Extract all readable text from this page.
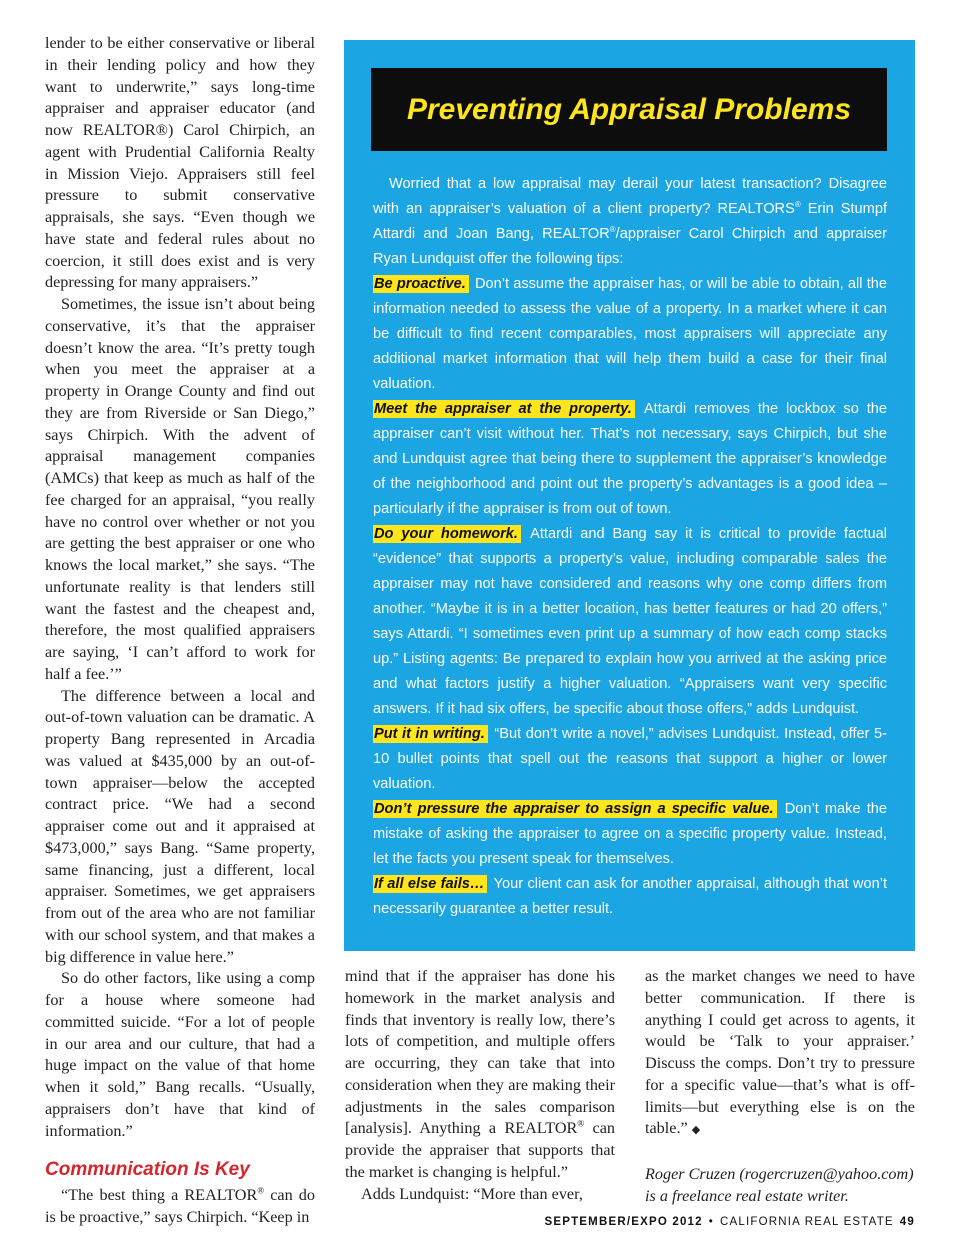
lender to be either conservative or liberal in their lending policy and how they want to underwrite,” says long-time appraiser and appraiser educator (and now REALTOR®) Carol Chirpich, an agent with Prudential California Realty in Mission Viejo. Appraisers still feel pressure to submit conservative appraisals, she says. “Even though we have state and federal rules about no coercion, it still does exist and is very depressing for many appraisers.”

Sometimes, the issue isn’t about being conservative, it’s that the appraiser doesn’t know the area. “It’s pretty tough when you meet the appraiser at a property in Orange County and find out they are from Riverside or San Diego,” says Chirpich. With the advent of appraisal management companies (AMCs) that keep as much as half of the fee charged for an appraisal, “you really have no control over whether or not you are getting the best appraiser or one who knows the local market,” she says. “The unfortunate reality is that lenders still want the fastest and the cheapest and, therefore, the most qualified appraisers are saying, ‘I can’t afford to work for half a fee.’”

The difference between a local and out-of-town valuation can be dramatic. A property Bang represented in Arcadia was valued at $435,000 by an out-of-town appraiser—below the accepted contract price. “We had a second appraiser come out and it appraised at $473,000,” says Bang. “Same property, same financing, just a different, local appraiser. Sometimes, we get appraisers from out of the area who are not familiar with our school system, and that makes a big difference in value here.”

So do other factors, like using a comp for a house where someone had committed suicide. “For a lot of people in our area and our culture, that had a huge impact on the value of that home when it sold,” Bang recalls. “Usually, appraisers don’t have that kind of information.”

Communication Is Key

“The best thing a REALTOR® can do is be proactive,” says Chirpich. “Keep in

Preventing Appraisal Problems

Worried that a low appraisal may derail your latest transaction? Disagree with an appraiser’s valuation of a client property? REALTORS® Erin Stumpf Attardi and Joan Bang, REALTOR®/appraiser Carol Chirpich and appraiser Ryan Lundquist offer the following tips:

Be proactive. Don’t assume the appraiser has, or will be able to obtain, all the information needed to assess the value of a property. In a market where it can be difficult to find recent comparables, most appraisers will appreciate any additional market information that will help them build a case for their final valuation.

Meet the appraiser at the property. Attardi removes the lockbox so the appraiser can’t visit without her. That’s not necessary, says Chirpich, but she and Lundquist agree that being there to supplement the appraiser’s knowledge of the neighborhood and point out the property’s advantages is a good idea – particularly if the appraiser is from out of town.

Do your homework. Attardi and Bang say it is critical to provide factual “evidence” that supports a property’s value, including comparable sales the appraiser may not have considered and reasons why one comp differs from another. “Maybe it is in a better location, has better features or had 20 offers,” says Attardi. “I sometimes even print up a summary of how each comp stacks up.” Listing agents: Be prepared to explain how you arrived at the asking price and what factors justify a higher valuation. “Appraisers want very specific answers. If it had six offers, be specific about those offers,” adds Lundquist.

Put it in writing. “But don’t write a novel,” advises Lundquist. Instead, offer 5-10 bullet points that spell out the reasons that support a higher or lower valuation.

Don’t pressure the appraiser to assign a specific value. Don’t make the mistake of asking the appraiser to agree on a specific property value. Instead, let the facts you present speak for themselves.

If all else fails… Your client can ask for another appraisal, although that won’t necessarily guarantee a better result.

mind that if the appraiser has done his homework in the market analysis and finds that inventory is really low, there’s lots of competition, and multiple offers are occurring, they can take that into consideration when they are making their adjustments in the sales comparison [analysis]. Anything a REALTOR® can provide the appraiser that supports that the market is changing is helpful.”

Adds Lundquist: “More than ever,

as the market changes we need to have better communication. If there is anything I could get across to agents, it would be ‘Talk to your appraiser.’ Discuss the comps. Don’t try to pressure for a specific value—that’s what is off-limits—but everything else is on the table.” ◆

Roger Cruzen (rogercruzen@yahoo.com)
is a freelance real estate writer.

SEPTEMBER/EXPO 2012 • CALIFORNIA REAL ESTATE 49
